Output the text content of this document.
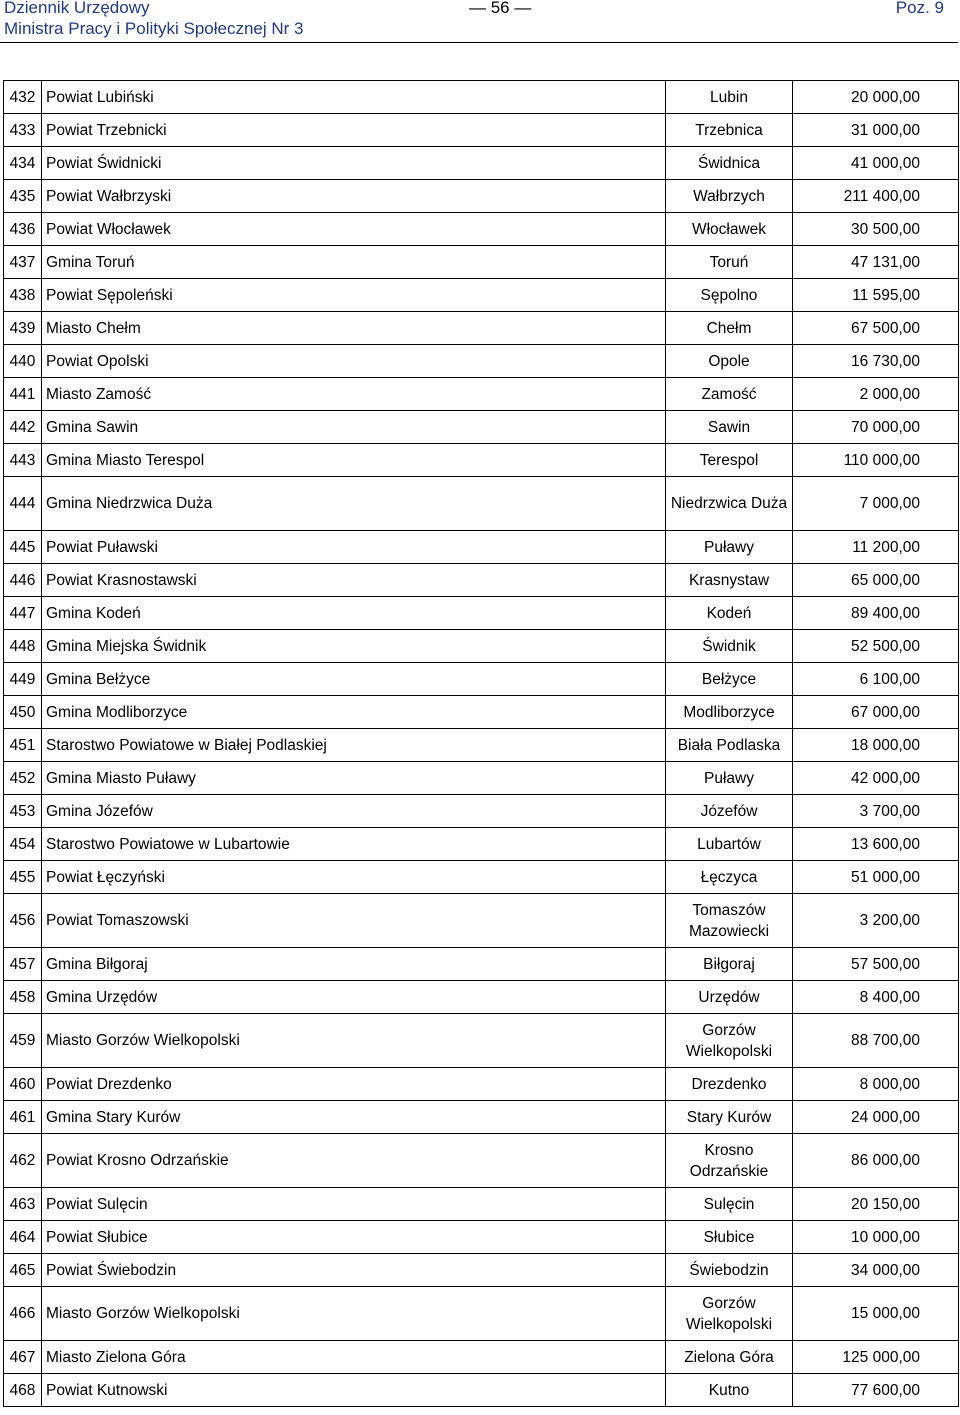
Dziennik Urzędowy	— 56 —	Poz. 9
Ministra Pracy i Polityki Społecznej Nr 3
432	Powiat Lubiński	Lubin	20 000,00
433	Powiat Trzebnicki	Trzebnica	31 000,00
434	Powiat Świdnicki	Świdnica	41 000,00
435	Powiat Wałbrzyski	Wałbrzych	211 400,00
436	Powiat Włocławek	Włocławek	30 500,00
437	Gmina Toruń	Toruń	47 131,00
438	Powiat Sępoleński	Sępolno	11 595,00
439	Miasto Chełm	Chełm	67 500,00
440	Powiat Opolski	Opole	16 730,00
441	Miasto Zamość	Zamość	2 000,00
442	Gmina Sawin	Sawin	70 000,00
443	Gmina Miasto Terespol	Terespol	110 000,00
444	Gmina Niedrzwica Duża	Niedrzwica Duża	7 000,00
445	Powiat Puławski	Puławy	11 200,00
446	Powiat Krasnostawski	Krasnystaw	65 000,00
447	Gmina Kodeń	Kodeń	89 400,00
448	Gmina Miejska Świdnik	Świdnik	52 500,00
449	Gmina Bełżyce	Bełżyce	6 100,00
450	Gmina Modliborzyce	Modliborzyce	67 000,00
451	Starostwo Powiatowe w Białej Podlaskiej	Biała Podlaska	18 000,00
452	Gmina Miasto Puławy	Puławy	42 000,00
453	Gmina Józefów	Józefów	3 700,00
454	Starostwo Powiatowe w Lubartowie	Lubartów	13 600,00
455	Powiat Łęczyński	Łęczyca	51 000,00
456	Powiat Tomaszowski	Tomaszów Mazowiecki	3 200,00
457	Gmina Biłgoraj	Biłgoraj	57 500,00
458	Gmina Urzędów	Urzędów	8 400,00
459	Miasto Gorzów Wielkopolski	Gorzów Wielkopolski	88 700,00
460	Powiat Drezdenko	Drezdenko	8 000,00
461	Gmina Stary Kurów	Stary Kurów	24 000,00
462	Powiat Krosno Odrzańskie	Krosno Odrzańskie	86 000,00
463	Powiat Sulęcin	Sulęcin	20 150,00
464	Powiat Słubice	Słubice	10 000,00
465	Powiat Świebodzin	Świebodzin	34 000,00
466	Miasto Gorzów Wielkopolski	Gorzów Wielkopolski	15 000,00
467	Miasto Zielona Góra	Zielona Góra	125 000,00
468	Powiat Kutnowski	Kutno	77 600,00
